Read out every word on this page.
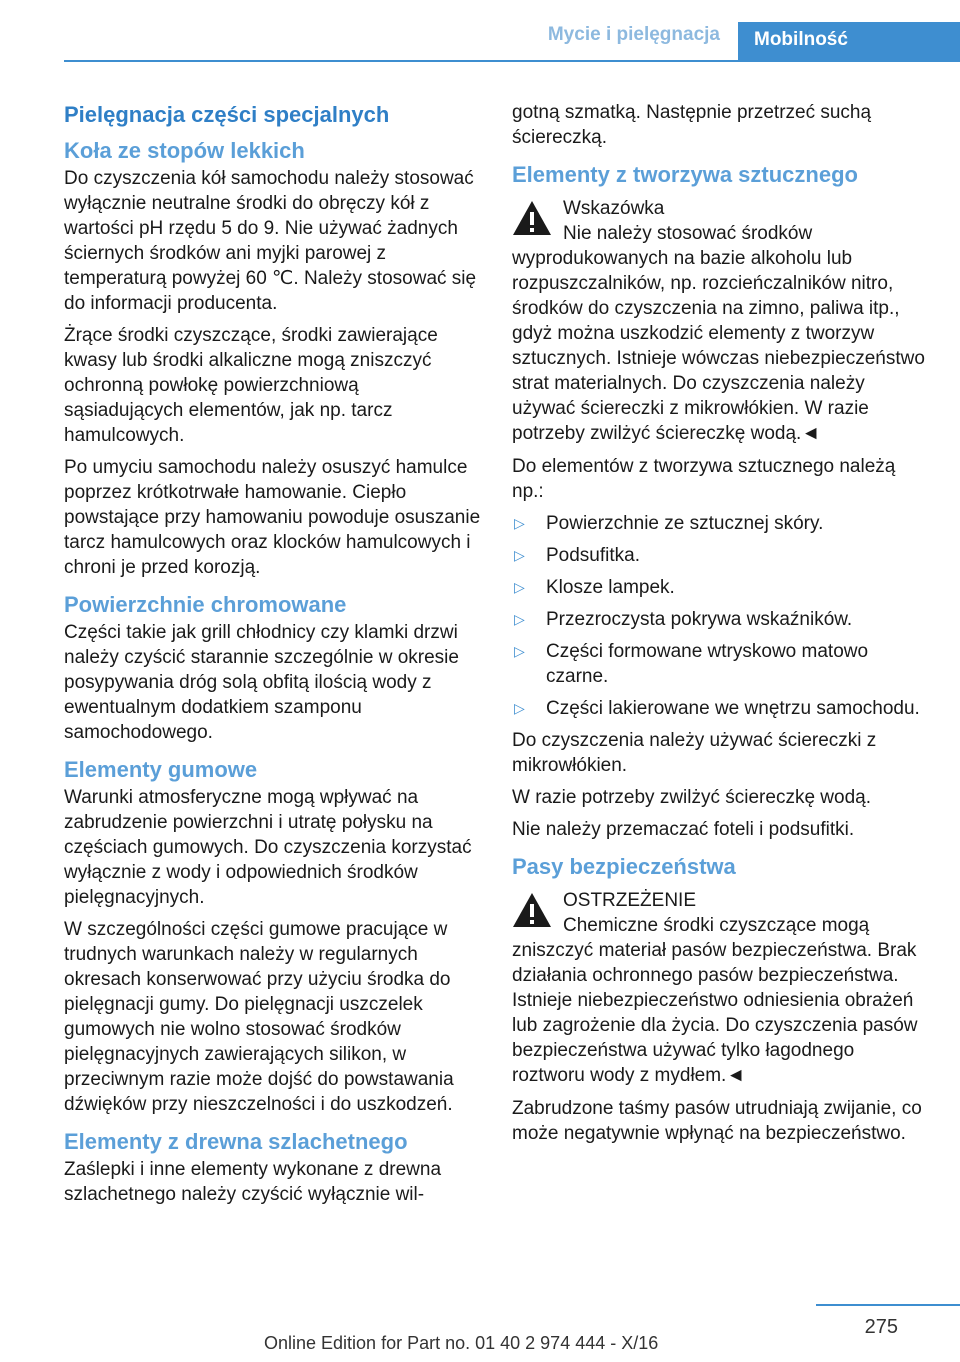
Mycie i pielęgnacja	Mobilność
Pielęgnacja części specjalnych
Koła ze stopów lekkich

Do czyszczenia kół samochodu należy stosować wyłącznie neutralne środki do obręczy kół z wartości pH rzędu 5 do 9. Nie używać żadnych ściernych środków ani myjki parowej z temperaturą powyżej 60 ℃. Należy stosować się do informacji producenta.

Żrące środki czyszczące, środki zawierające kwasy lub środki alkaliczne mogą zniszczyć ochronną powłokę powierzchniową sąsiadujących elementów, jak np. tarcz hamulcowych.

Po umyciu samochodu należy osuszyć hamulce poprzez krótkotrwałe hamowanie. Ciepło powstające przy hamowaniu powoduje osuszanie tarcz hamulcowych oraz klocków hamulcowych i chroni je przed korozją.

Powierzchnie chromowane

Części takie jak grill chłodnicy czy klamki drzwi należy czyścić starannie szczególnie w okresie posypywania dróg solą obfitą ilością wody z ewentualnym dodatkiem szamponu samochodowego.

Elementy gumowe

Warunki atmosferyczne mogą wpływać na zabrudzenie powierzchni i utratę połysku na częściach gumowych. Do czyszczenia korzystać wyłącznie z wody i odpowiednich środków pielęgnacyjnych.

W szczególności części gumowe pracujące w trudnych warunkach należy w regularnych okresach konserwować przy użyciu środka do pielęgnacji gumy. Do pielęgnacji uszczelek gumowych nie wolno stosować środków pielęgnacyjnych zawierających silikon, w przeciwnym razie może dojść do powstawania dźwięków przy nieszczelności i do uszkodzeń.

Elementy z drewna szlachetnego

Zaślepki i inne elementy wykonane z drewna szlachetnego należy czyścić wyłącznie wil-

gotną szmatką. Następnie przetrzeć suchą ściereczką.

Elementy z tworzywa sztucznego
Wskazówka
Nie należy stosować środków wyprodukowanych na bazie alkoholu lub rozpuszczalników, np. rozcieńczalników nitro, środków do czyszczenia na zimno, paliwa itp., gdyż można uszkodzić elementy z tworzyw sztucznych. Istnieje wówczas niebezpieczeństwo strat materialnych. Do czyszczenia należy używać ściereczki z mikrowłókien. W razie potrzeby zwilżyć ściereczkę wodą.◄

Do elementów z tworzywa sztucznego należą np.:

▷ Powierzchnie ze sztucznej skóry.
▷ Podsufitka.
▷ Klosze lampek.
▷ Przezroczysta pokrywa wskaźników.
▷ Części formowane wtryskowo matowo czarne.
▷ Części lakierowane we wnętrzu samochodu.

Do czyszczenia należy używać ściereczki z mikrowłókien.

W razie potrzeby zwilżyć ściereczkę wodą.

Nie należy przemaczać foteli i podsufitki.

Pasy bezpieczeństwa
OSTRZEŻENIE
Chemiczne środki czyszczące mogą zniszczyć materiał pasów bezpieczeństwa. Brak działania ochronnego pasów bezpieczeństwa. Istnieje niebezpieczeństwo odniesienia obrażeń lub zagrożenie dla życia. Do czyszczenia pasów bezpieczeństwa używać tylko łagodnego roztworu wody z mydłem.◄

Zabrudzone taśmy pasów utrudniają zwijanie, co może negatywnie wpłynąć na bezpieczeństwo.

275
Online Edition for Part no. 01 40 2 974 444 - X/16
